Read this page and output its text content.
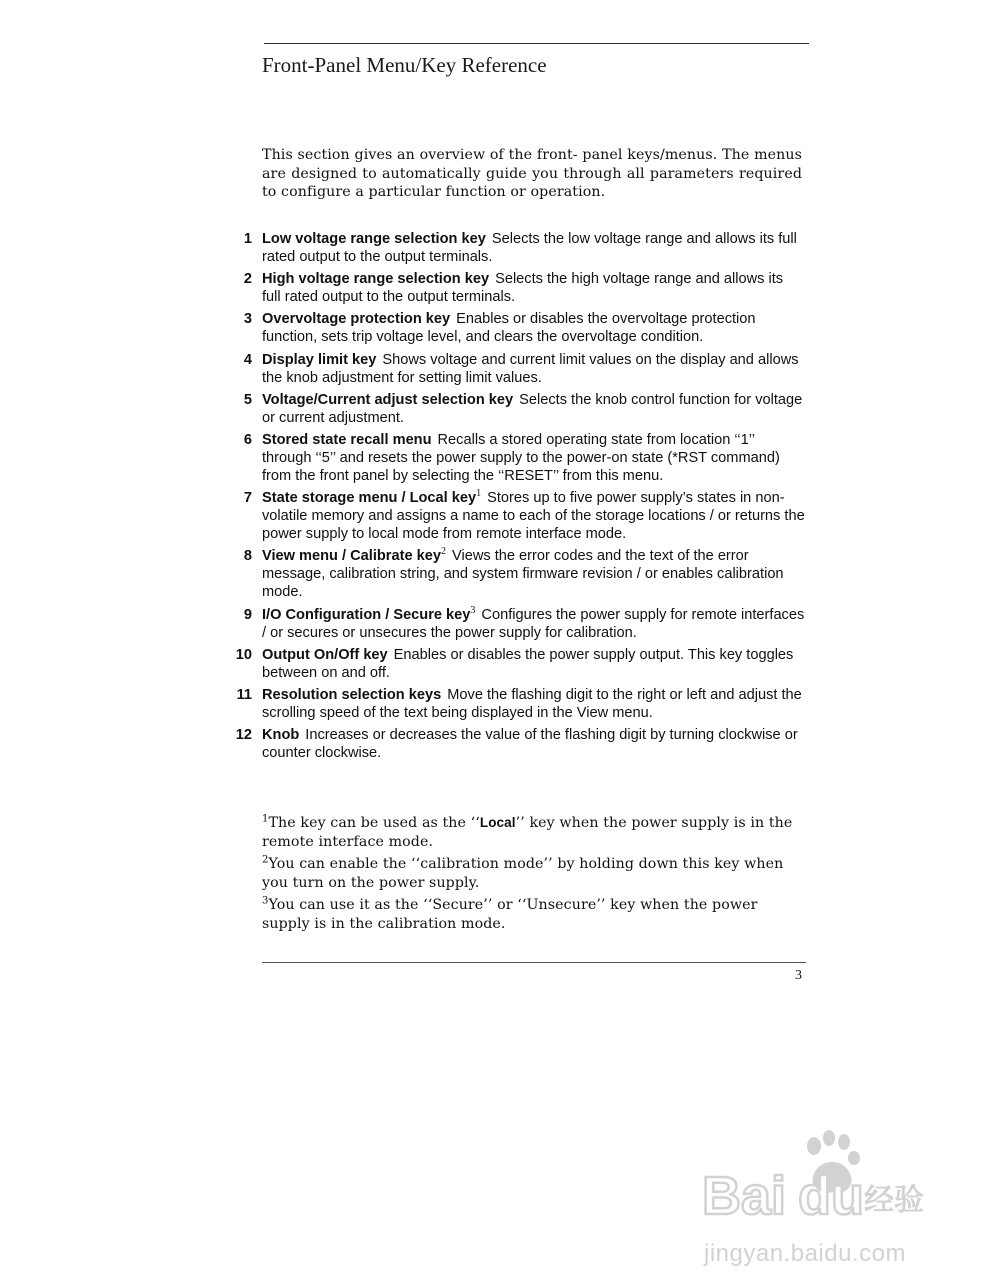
Front-Panel Menu/Key Reference

This section gives an overview of the front- panel keys/menus. The menus are designed to automatically guide you through all parameters required to configure a particular function or operation.

1 Low voltage range selection key Selects the low voltage range and allows its full rated output to the output terminals.
2 High voltage range selection key Selects the high voltage range and allows its full rated output to the output terminals.
3 Overvoltage protection key Enables or disables the overvoltage protection function, sets trip voltage level, and clears the overvoltage condition.
4 Display limit key Shows voltage and current limit values on the display and allows the knob adjustment for setting limit values.
5 Voltage/Current adjust selection key Selects the knob control function for voltage or current adjustment.
6 Stored state recall menu Recalls a stored operating state from location ‘‘1’’ through ‘‘5’’ and resets the power supply to the power-on state (*RST command) from the front panel by selecting the ‘‘RESET’’ from this menu.
7 State storage menu / Local key$^1$ Stores up to five power supply’s states in non-volatile memory and assigns a name to each of the storage locations / or returns the power supply to local mode from remote interface mode.
8 View menu / Calibrate key$^2$ Views the error codes and the text of the error message, calibration string, and system firmware revision / or enables calibration mode.
9 I/O Configuration / Secure key$^3$ Configures the power supply for remote interfaces / or secures or unsecures the power supply for calibration.
10 Output On/Off key Enables or disables the power supply output. This key toggles between on and off.
11 Resolution selection keys Move the flashing digit to the right or left and adjust the scrolling speed of the text being displayed in the View menu.
12 Knob Increases or decreases the value of the flashing digit by turning clockwise or counter clockwise.
$^1$The key can be used as the ‘‘Local’’ key when the power supply is in the remote interface mode.
$^2$You can enable the ‘‘calibration mode’’ by holding down this key when you turn on the power supply.
$^3$You can use it as the ‘‘Secure’’ or ‘‘Unsecure’’ key when the power supply is in the calibration mode.
3
Bai du 经验
jingyan.baidu.com
